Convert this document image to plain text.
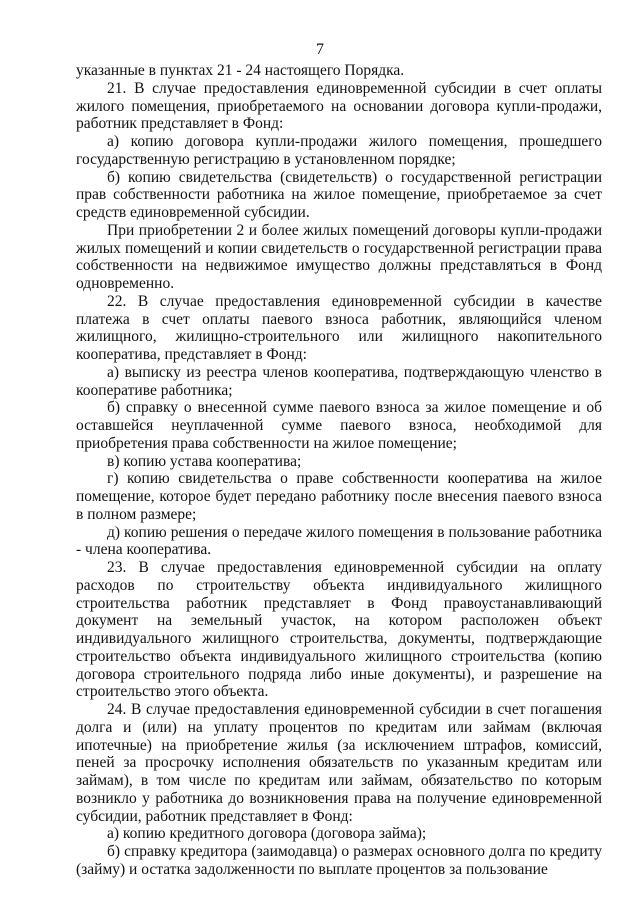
7

указанные в пунктах 21 - 24 настоящего Порядка.

21. В случае предоставления единовременной субсидии в счет оплаты жилого помещения, приобретаемого на основании договора купли-продажи, работник представляет в Фонд:

а) копию договора купли-продажи жилого помещения, прошедшего государственную регистрацию в установленном порядке;

б) копию свидетельства (свидетельств) о государственной регистрации прав собственности работника на жилое помещение, приобретаемое за счет средств единовременной субсидии.

При приобретении 2 и более жилых помещений договоры купли-продажи жилых помещений и копии свидетельств о государственной регистрации права собственности на недвижимое имущество должны представляться в Фонд одновременно.

22. В случае предоставления единовременной субсидии в качестве платежа в счет оплаты паевого взноса работник, являющийся членом жилищного, жилищно-строительного или жилищного накопительного кооператива, представляет в Фонд:

а) выписку из реестра членов кооператива, подтверждающую членство в кооперативе работника;

б) справку о внесенной сумме паевого взноса за жилое помещение и об оставшейся неуплаченной сумме паевого взноса, необходимой для приобретения права собственности на жилое помещение;

в) копию устава кооператива;

г) копию свидетельства о праве собственности кооператива на жилое помещение, которое будет передано работнику после внесения паевого взноса в полном размере;

д) копию решения о передаче жилого помещения в пользование работника - члена кооператива.

23. В случае предоставления единовременной субсидии на оплату расходов по строительству объекта индивидуального жилищного строительства работник представляет в Фонд правоустанавливающий документ на земельный участок, на котором расположен объект индивидуального жилищного строительства, документы, подтверждающие строительство объекта индивидуального жилищного строительства (копию договора строительного подряда либо иные документы), и разрешение на строительство этого объекта.

24. В случае предоставления единовременной субсидии в счет погашения долга и (или) на уплату процентов по кредитам или займам (включая ипотечные) на приобретение жилья (за исключением штрафов, комиссий, пеней за просрочку исполнения обязательств по указанным кредитам или займам), в том числе по кредитам или займам, обязательство по которым возникло у работника до возникновения права на получение единовременной субсидии, работник представляет в Фонд:

а) копию кредитного договора (договора займа);

б) справку кредитора (заимодавца) о размерах основного долга по кредиту (займу) и остатка задолженности по выплате процентов за пользование
